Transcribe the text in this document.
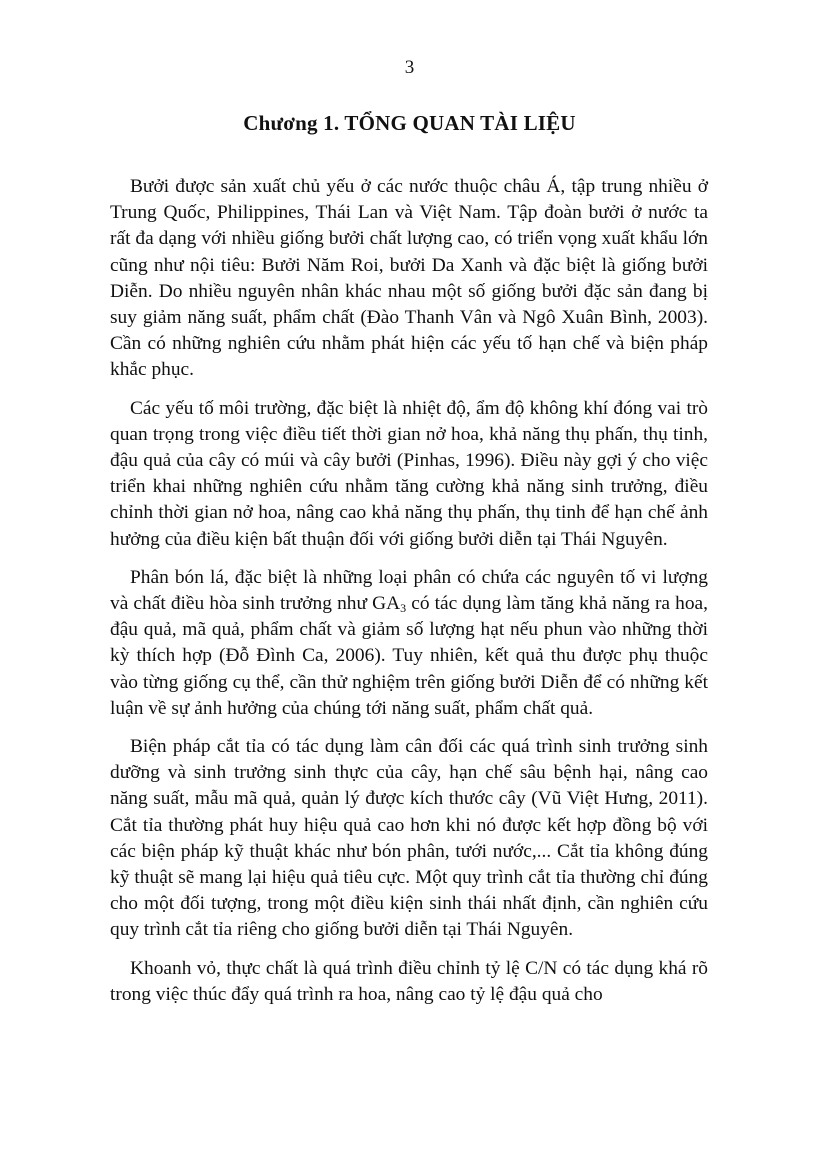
3
Chương 1. TỔNG QUAN TÀI LIỆU

Bưởi được sản xuất chủ yếu ở các nước thuộc châu Á, tập trung nhiều ở Trung Quốc, Philippines, Thái Lan và Việt Nam. Tập đoàn bưởi ở nước ta rất đa dạng với nhiều giống bưởi chất lượng cao, có triển vọng xuất khẩu lớn cũng như nội tiêu: Bưởi Năm Roi, bưởi Da Xanh và đặc biệt là giống bưởi Diễn. Do nhiều nguyên nhân khác nhau một số giống bưởi đặc sản đang bị suy giảm năng suất, phẩm chất (Đào Thanh Vân và Ngô Xuân Bình, 2003). Cần có những nghiên cứu nhằm phát hiện các yếu tố hạn chế và biện pháp khắc phục.

Các yếu tố môi trường, đặc biệt là nhiệt độ, ẩm độ không khí đóng vai trò quan trọng trong việc điều tiết thời gian nở hoa, khả năng thụ phấn, thụ tinh, đậu quả của cây có múi và cây bưởi (Pinhas, 1996). Điều này gợi ý cho việc triển khai những nghiên cứu nhằm tăng cường khả năng sinh trưởng, điều chỉnh thời gian nở hoa, nâng cao khả năng thụ phấn, thụ tinh để hạn chế ảnh hưởng của điều kiện bất thuận đối với giống bưởi diễn tại Thái Nguyên.

Phân bón lá, đặc biệt là những loại phân có chứa các nguyên tố vi lượng và chất điều hòa sinh trưởng như $GA_3$ có tác dụng làm tăng khả năng ra hoa, đậu quả, mã quả, phẩm chất và giảm số lượng hạt nếu phun vào những thời kỳ thích hợp (Đỗ Đình Ca, 2006). Tuy nhiên, kết quả thu được phụ thuộc vào từng giống cụ thể, cần thử nghiệm trên giống bưởi Diễn để có những kết luận về sự ảnh hưởng của chúng tới năng suất, phẩm chất quả.

Biện pháp cắt tỉa có tác dụng làm cân đối các quá trình sinh trưởng sinh dưỡng và sinh trưởng sinh thực của cây, hạn chế sâu bệnh hại, nâng cao năng suất, mẫu mã quả, quản lý được kích thước cây (Vũ Việt Hưng, 2011). Cắt tỉa thường phát huy hiệu quả cao hơn khi nó được kết hợp đồng bộ với các biện pháp kỹ thuật khác như bón phân, tưới nước,... Cắt tỉa không đúng kỹ thuật sẽ mang lại hiệu quả tiêu cực. Một quy trình cắt tỉa thường chỉ đúng cho một đối tượng, trong một điều kiện sinh thái nhất định, cần nghiên cứu quy trình cắt tỉa riêng cho giống bưởi diễn tại Thái Nguyên.

Khoanh vỏ, thực chất là quá trình điều chỉnh tỷ lệ C/N có tác dụng khá rõ trong việc thúc đẩy quá trình ra hoa, nâng cao tỷ lệ đậu quả cho
